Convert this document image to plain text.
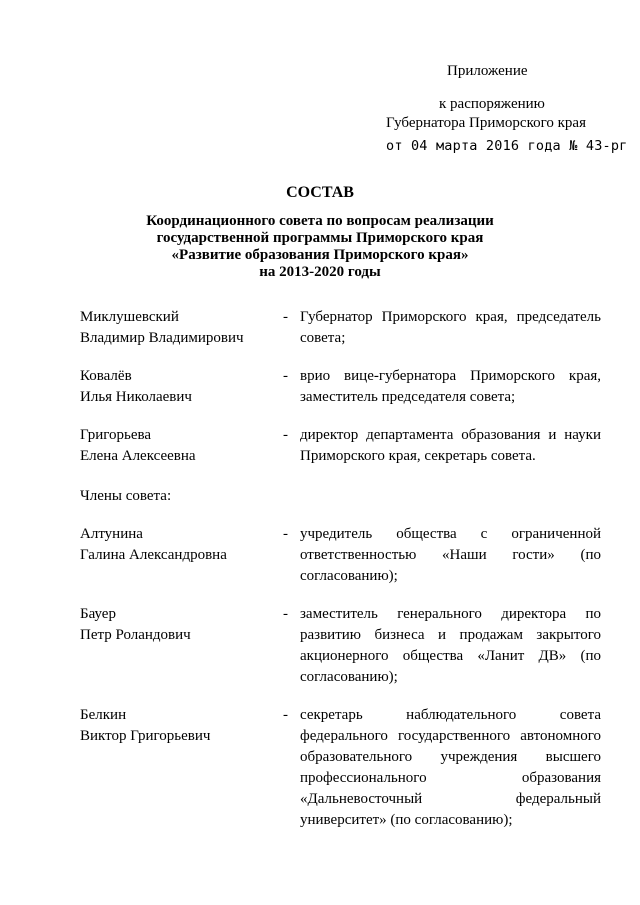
Приложение
к распоряжению
Губернатора Приморского края
от 04 марта 2016 года № 43-рг
СОСТАВ
Координационного совета по вопросам реализации
государственной программы Приморского края
«Развитие образования Приморского края»
на 2013-2020 годы
Миклушевский
Владимир Владимирович
- Губернатор Приморского края, председатель совета;
Ковалёв
Илья Николаевич
- врио вице-губернатора Приморского края, заместитель председателя совета;
Григорьева
Елена Алексеевна
- директор департамента образования и науки Приморского края, секретарь совета.
Члены совета:
Алтунина
Галина Александровна
- учредитель общества с ограниченной ответственностью «Наши гости» (по согласованию);
Бауер
Петр Роландович
- заместитель генерального директора по развитию бизнеса и продажам закрытого акционерного общества «Ланит ДВ» (по согласованию);
Белкин
Виктор Григорьевич
- секретарь наблюдательного совета федерального государственного автономного образовательного учреждения высшего профессионального образования «Дальневосточный федеральный университет» (по согласованию);
